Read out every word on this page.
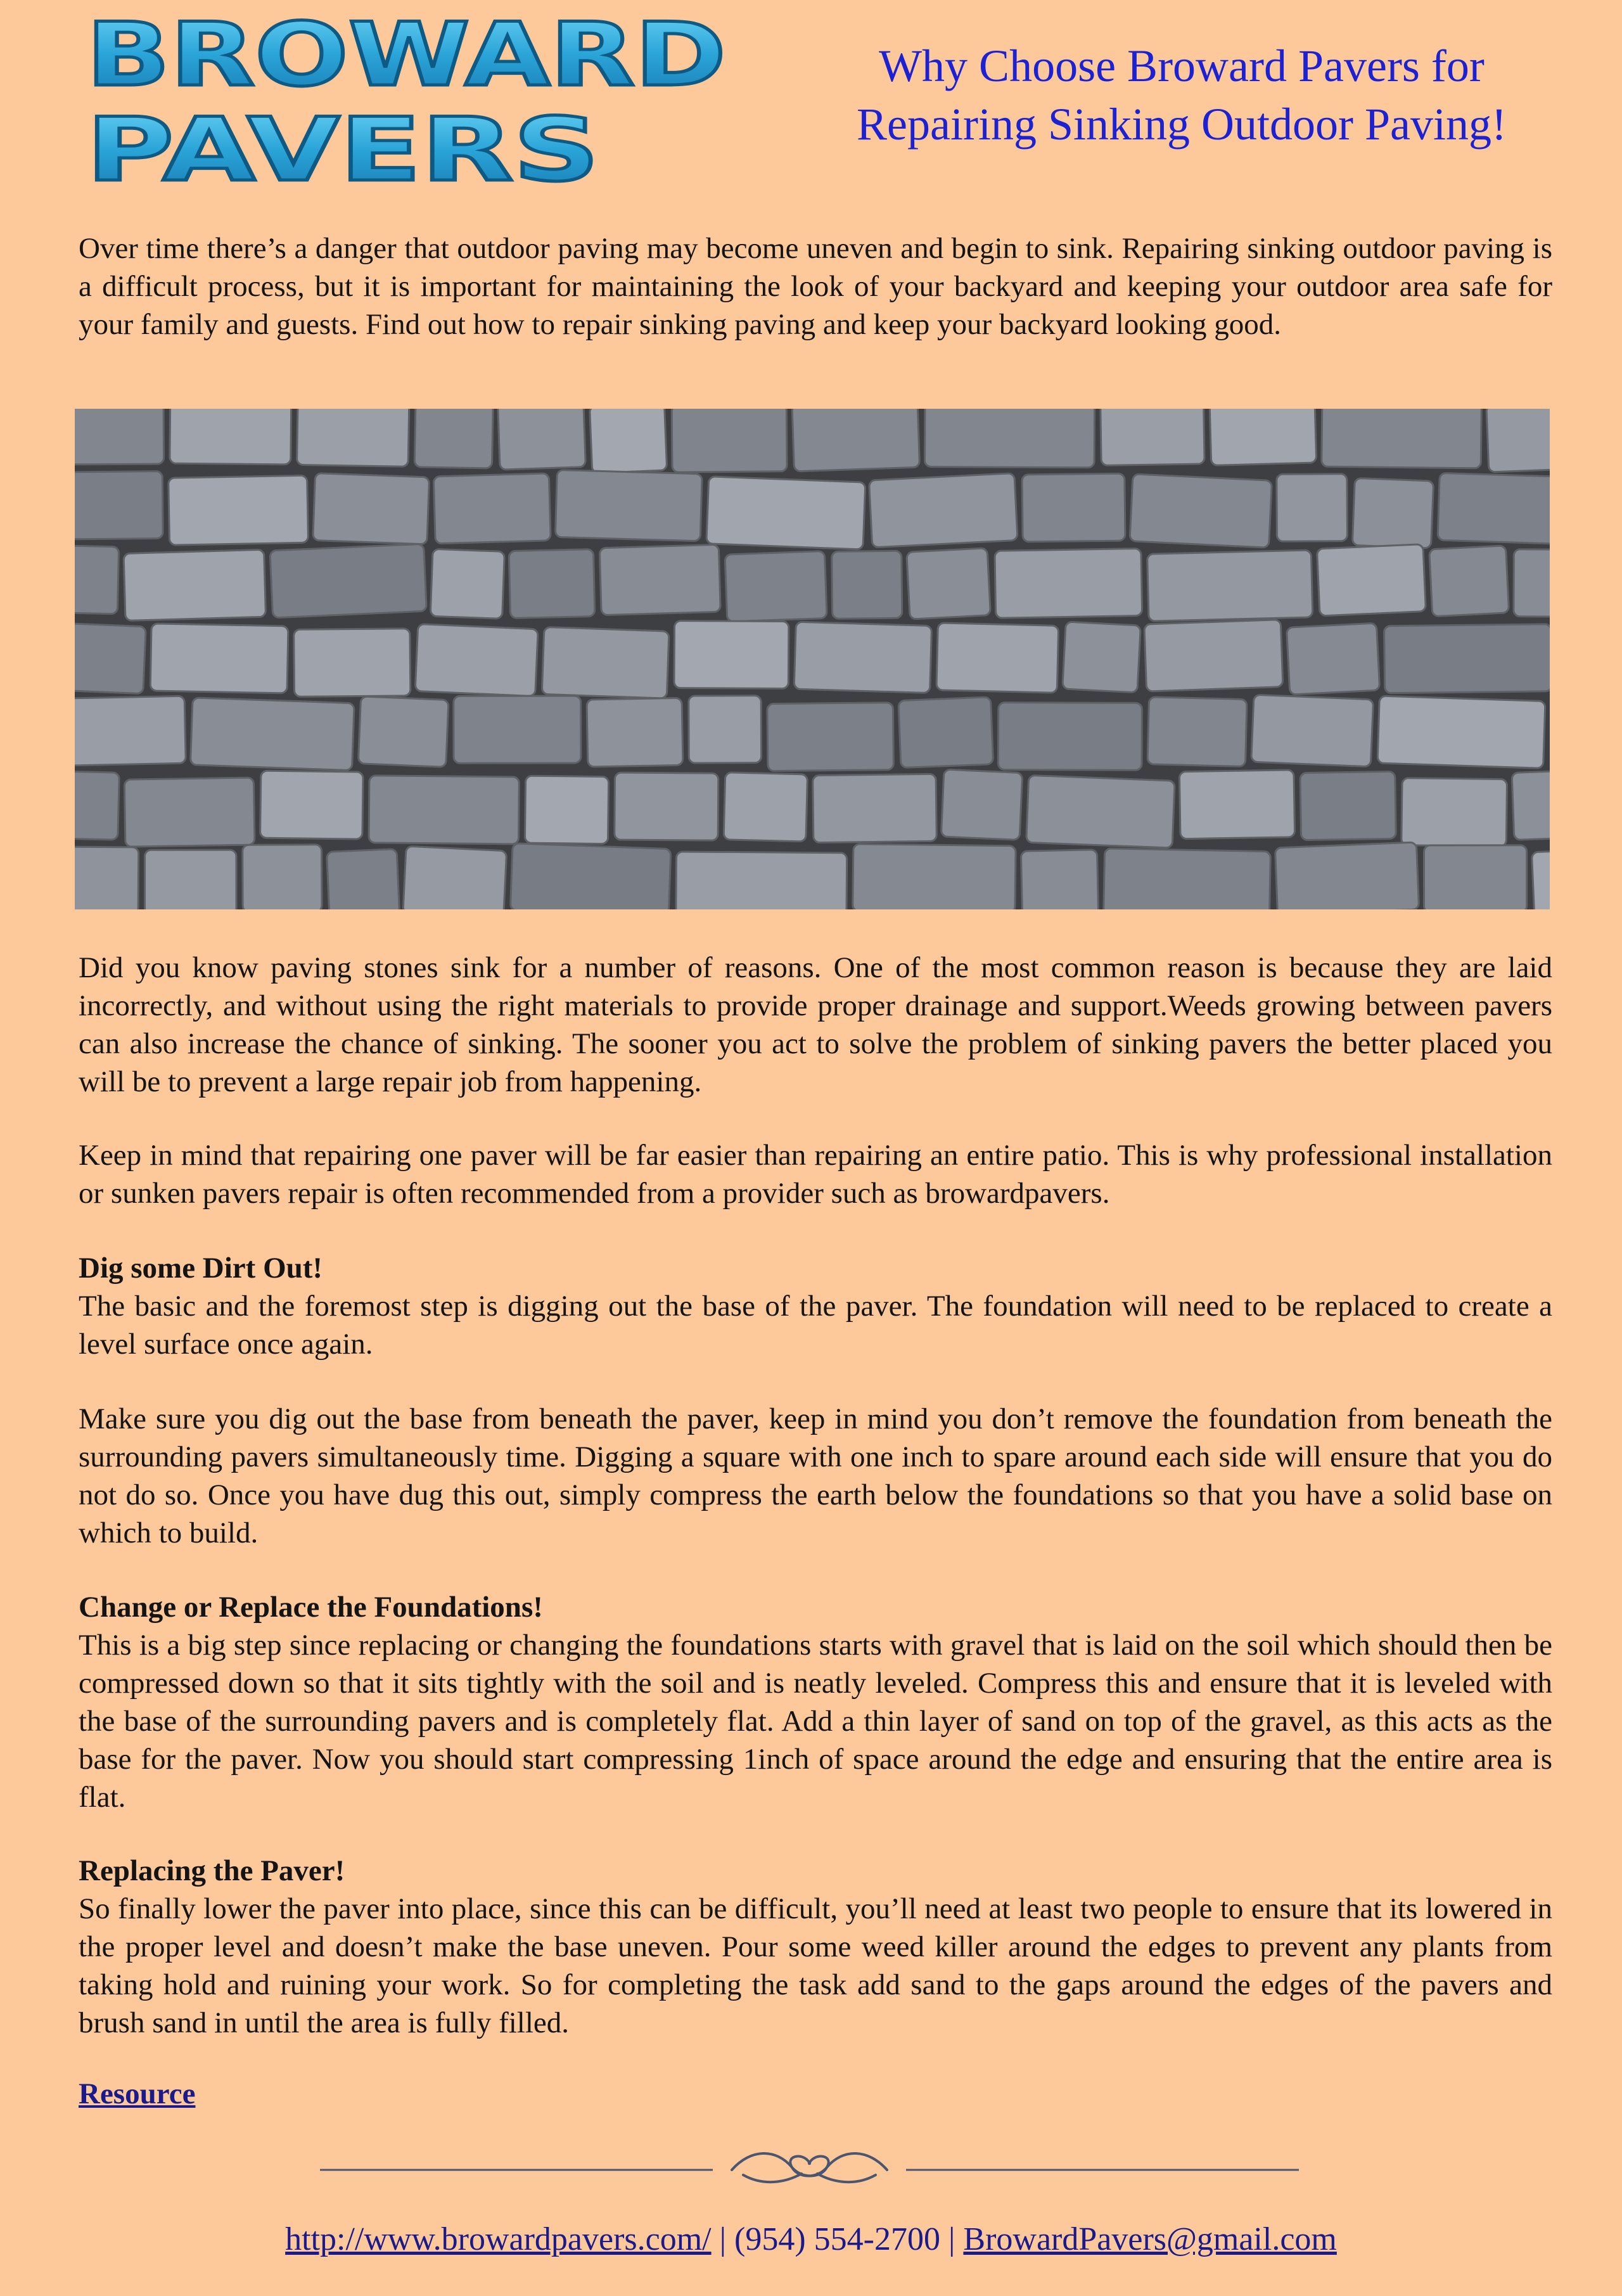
BROWARD
PAVERS
Why Choose Broward Pavers for Repairing Sinking Outdoor Paving!

Over time there’s a danger that outdoor paving may become uneven and begin to sink. Repairing sinking outdoor paving is a difficult process, but it is important for maintaining the look of your backyard and keeping your outdoor area safe for your family and guests. Find out how to repair sinking paving and keep your backyard looking good.

Did you know paving stones sink for a number of reasons. One of the most common reason is because they are laid incorrectly, and without using the right materials to provide proper drainage and support.Weeds growing between pavers can also increase the chance of sinking. The sooner you act to solve the problem of sinking pavers the better placed you will be to prevent a large repair job from happening.

Keep in mind that repairing one paver will be far easier than repairing an entire patio. This is why professional installation or sunken pavers repair is often recommended from a provider such as browardpavers.

Dig some Dirt Out!
The basic and the foremost step is digging out the base of the paver. The foundation will need to be replaced to create a level surface once again.

Make sure you dig out the base from beneath the paver, keep in mind you don’t remove the foundation from beneath the surrounding pavers simultaneously time. Digging a square with one inch to spare around each side will ensure that you do not do so. Once you have dug this out, simply compress the earth below the foundations so that you have a solid base on which to build.

Change or Replace the Foundations!
This is a big step since replacing or changing the foundations starts with gravel that is laid on the soil which should then be compressed down so that it sits tightly with the soil and is neatly leveled. Compress this and ensure that it is leveled with the base of the surrounding pavers and is completely flat. Add a thin layer of sand on top of the gravel, as this acts as the base for the paver. Now you should start compressing 1inch of space around the edge and ensuring that the entire area is flat.
Replacing the Paver!
So finally lower the paver into place, since this can be difficult, you’ll need at least two people to ensure that its lowered in the proper level and doesn’t make the base uneven. Pour some weed killer around the edges to prevent any plants from taking hold and ruining your work. So for completing the task add sand to the gaps around the edges of the pavers and brush sand in until the area is fully filled.
Resource
http://www.browardpavers.com/ | (954) 554-2700 | BrowardPavers@gmail.com
